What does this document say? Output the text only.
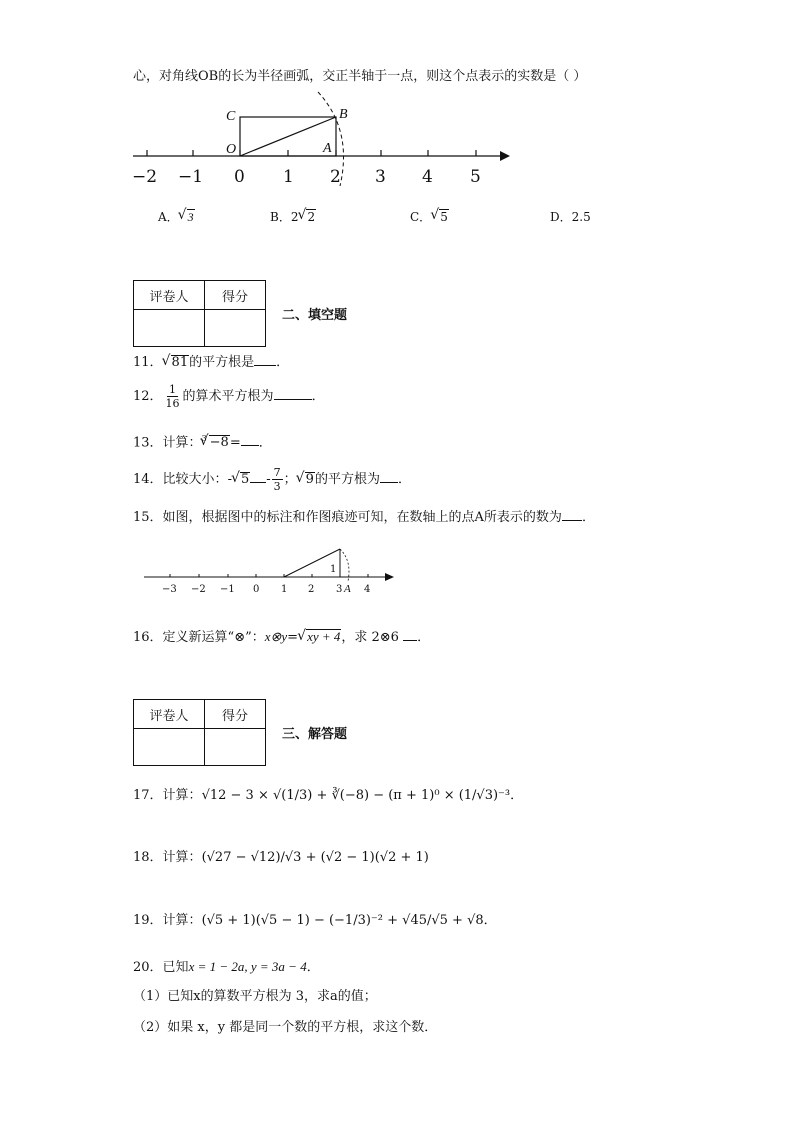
心，对角线OB的长为半径画弧，交正半轴于一点，则这个点表示的实数是（ ）
−2 −1 0 1 2 3 4 5
C	B
O	A
A． √ 3	B．2 √ 2	C． √ 5	D．2.5
评卷人	得分

二、填空题
11． √ 81的平方根是 ．
12． $\frac{1}{16}$ 的算术平方根为	．
13．计算：$^3$ √ −8= ．
14．比较大小：- √ $5 - \frac{7}{3}$ ； √ 9的平方根为 ．
15．如图，根据图中的标注和作图痕迹可知，在数轴上的点A所表示的数为 ．
−3 −2 −1 0 1 2 3 4
1
A
16．定义新运算“⊗”：x⊗y= √ xy + 4，求 2⊗6 ．
评卷人	得分

三、解答题
17．计算：√12 − 3 × √(1/3) + ∛(−8) − (π + 1)⁰ × (1/√3)⁻³．
18．计算：(√27 − √12)/√3 + (√2 − 1)(√2 + 1)
19．计算：(√5 + 1)(√5 − 1) − (−1/3)⁻² + √45/√5 + √8．
20．已知x = 1 − 2a, y = 3a − 4．
（1）已知x的算数平方根为 3，求a的值；
（2）如果 x，y 都是同一个数的平方根，求这个数．
